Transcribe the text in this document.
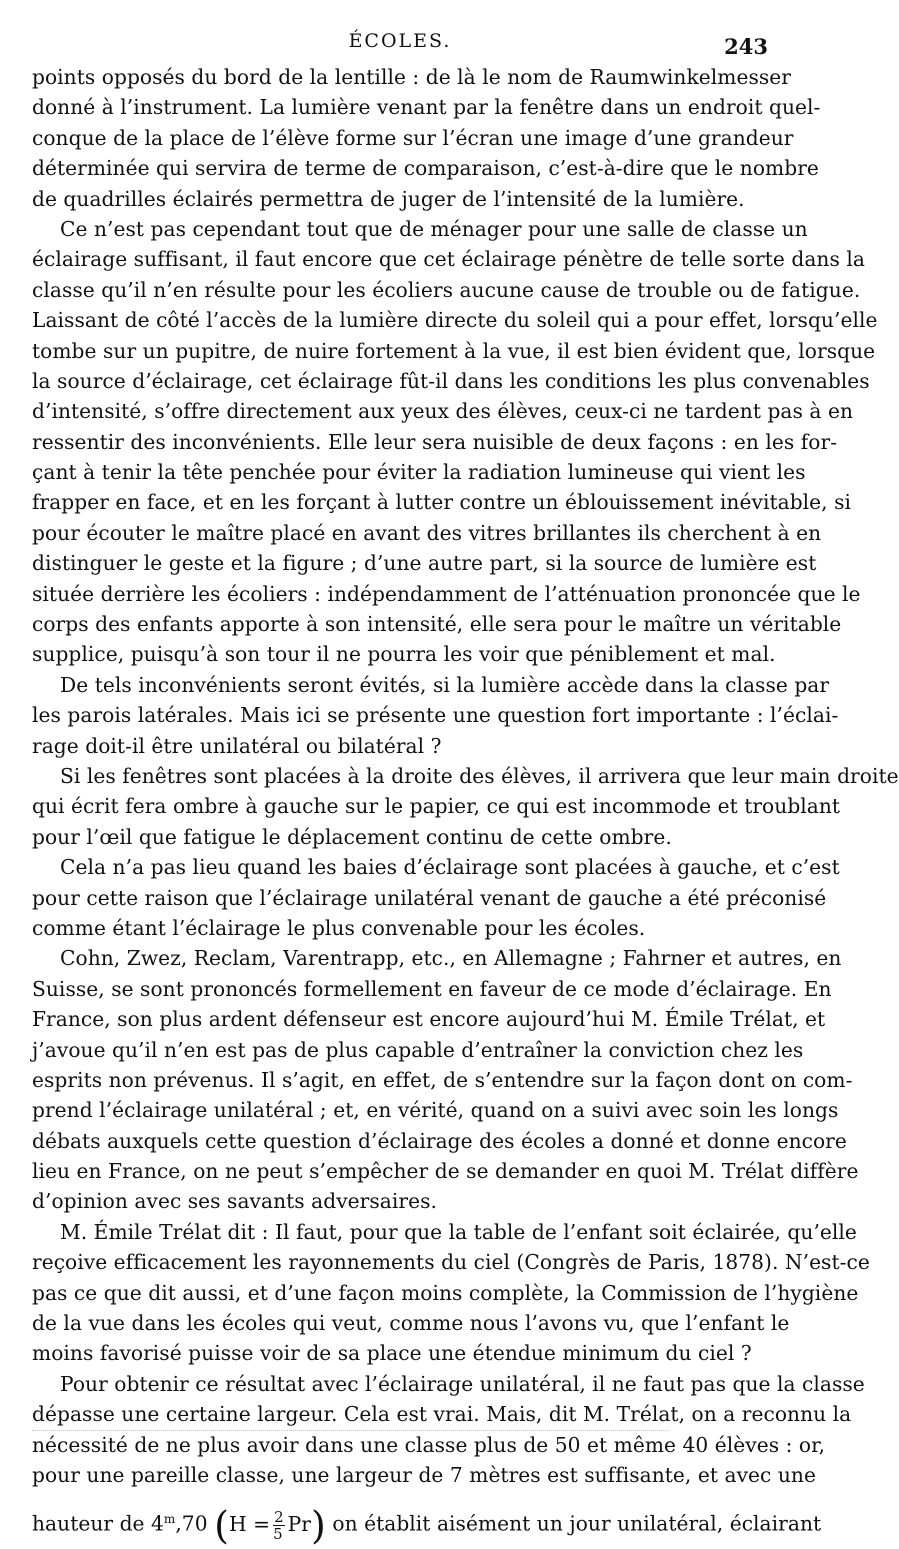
ÉCOLES.	243
points opposés du bord de la lentille : de là le nom de Raumwinkelmesser
donné à l’instrument. La lumière venant par la fenêtre dans un endroit quel-
conque de la place de l’élève forme sur l’écran une image d’une grandeur
déterminée qui servira de terme de comparaison, c’est-à-dire que le nombre
de quadrilles éclairés permettra de juger de l’intensité de la lumière.
Ce n’est pas cependant tout que de ménager pour une salle de classe un
éclairage suffisant, il faut encore que cet éclairage pénètre de telle sorte dans la
classe qu’il n’en résulte pour les écoliers aucune cause de trouble ou de fatigue.
Laissant de côté l’accès de la lumière directe du soleil qui a pour effet, lorsqu’elle
tombe sur un pupitre, de nuire fortement à la vue, il est bien évident que, lorsque
la source d’éclairage, cet éclairage fût-il dans les conditions les plus convenables
d’intensité, s’offre directement aux yeux des élèves, ceux-ci ne tardent pas à en
ressentir des inconvénients. Elle leur sera nuisible de deux façons : en les for-
çant à tenir la tête penchée pour éviter la radiation lumineuse qui vient les
frapper en face, et en les forçant à lutter contre un éblouissement inévitable, si
pour écouter le maître placé en avant des vitres brillantes ils cherchent à en
distinguer le geste et la figure ; d’une autre part, si la source de lumière est
située derrière les écoliers : indépendamment de l’atténuation prononcée que le
corps des enfants apporte à son intensité, elle sera pour le maître un véritable
supplice, puisqu’à son tour il ne pourra les voir que péniblement et mal.
De tels inconvénients seront évités, si la lumière accède dans la classe par
les parois latérales. Mais ici se présente une question fort importante : l’éclai-
rage doit-il être unilatéral ou bilatéral ?
Si les fenêtres sont placées à la droite des élèves, il arrivera que leur main droite
qui écrit fera ombre à gauche sur le papier, ce qui est incommode et troublant
pour l’œil que fatigue le déplacement continu de cette ombre.
Cela n’a pas lieu quand les baies d’éclairage sont placées à gauche, et c’est
pour cette raison que l’éclairage unilatéral venant de gauche a été préconisé
comme étant l’éclairage le plus convenable pour les écoles.
Cohn, Zwez, Reclam, Varentrapp, etc., en Allemagne ; Fahrner et autres, en
Suisse, se sont prononcés formellement en faveur de ce mode d’éclairage. En
France, son plus ardent défenseur est encore aujourd’hui M. Émile Trélat, et
j’avoue qu’il n’en est pas de plus capable d’entraîner la conviction chez les
esprits non prévenus. Il s’agit, en effet, de s’entendre sur la façon dont on com-
prend l’éclairage unilatéral ; et, en vérité, quand on a suivi avec soin les longs
débats auxquels cette question d’éclairage des écoles a donné et donne encore
lieu en France, on ne peut s’empêcher de se demander en quoi M. Trélat diffère
d’opinion avec ses savants adversaires.
M. Émile Trélat dit : Il faut, pour que la table de l’enfant soit éclairée, qu’elle
reçoive efficacement les rayonnements du ciel (Congrès de Paris, 1878). N’est-ce
pas ce que dit aussi, et d’une façon moins complète, la Commission de l’hygiène
de la vue dans les écoles qui veut, comme nous l’avons vu, que l’enfant le
moins favorisé puisse voir de sa place une étendue minimum du ciel ?
Pour obtenir ce résultat avec l’éclairage unilatéral, il ne faut pas que la classe
dépasse une certaine largeur. Cela est vrai. Mais, dit M. Trélat, on a reconnu la
nécessité de ne plus avoir dans une classe plus de 50 et même 40 élèves : or,
pour une pareille classe, une largeur de 7 mètres est suffisante, et avec une
hauteur de 4$^m$,70 $(H = \frac{2}{5} Pr)$ on établit aisément un jour unilatéral, éclairant
